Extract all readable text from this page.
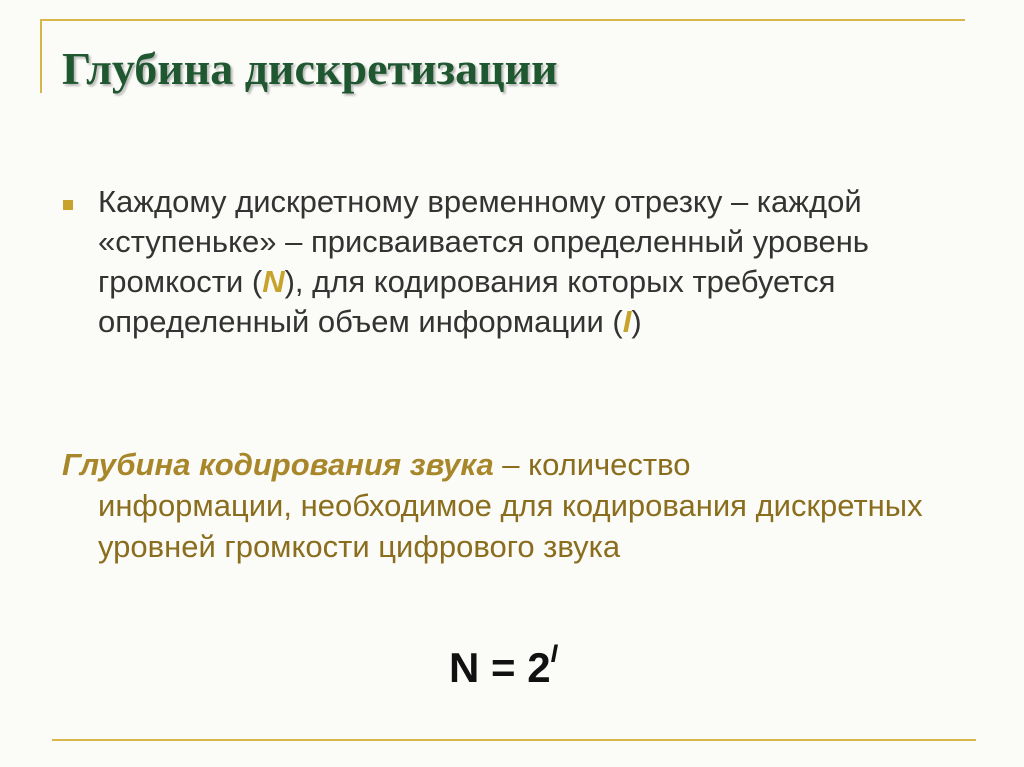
Глубина дискретизации
Каждому дискретному временному отрезку – каждой «ступеньке» – присваивается определенный уровень громкости (N), для кодирования которых требуется определенный объем информации (I)
Глубина кодирования звука – количество
информации, необходимое для кодирования дискретных уровней громкости цифрового звука
$N = 2^I$
